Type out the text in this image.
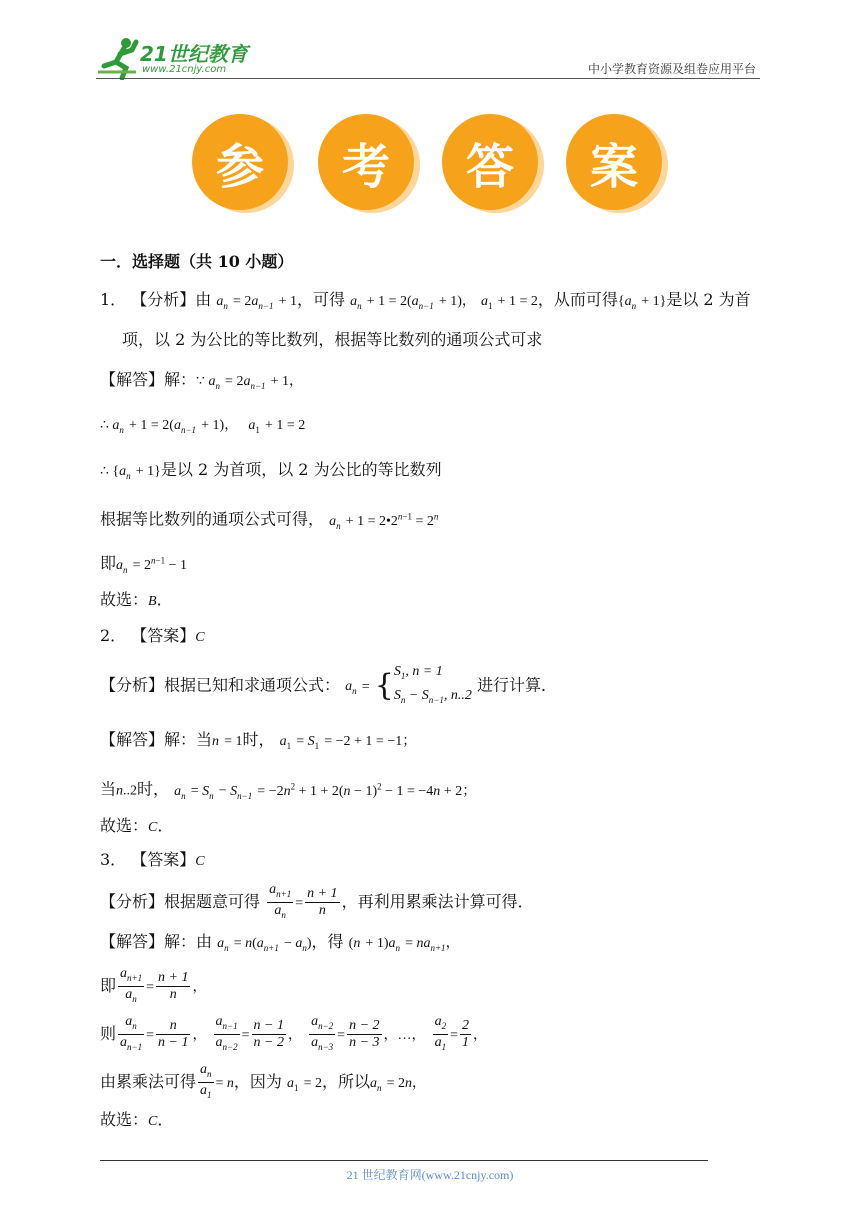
21世纪教育
www.21cnjy.com	中小学教育资源及组卷应用平台
参	考	答	案
一．选择题（共 10 小题）
1． 【分析】由 $a_n = 2a_{n-1} + 1$，可得 $a_n + 1 = 2(a_{n-1} + 1)$， $a_1 + 1 = 2$，从而可得$\{a_n + 1\}$是以 2 为首
项，以 2 为公比的等比数列，根据等比数列的通项公式可求
【解答】解：∵ $a_n = 2a_{n-1} + 1$，
∴ $a_n + 1 = 2(a_{n-1} + 1)$， $a_1 + 1 = 2$
∴ $\{a_n + 1\}$是以 2 为首项，以 2 为公比的等比数列
根据等比数列的通项公式可得， $a_n + 1$ = $2•2^{n-1} = 2^n$
即$a_n = 2^{n-1} - 1$
故选：B．
2． 【答案】C
【分析】根据已知和求通项公式： $a_n$ = { $S_1$, n = 1
$S_n - S_{n-1}$, n..2
进行计算．
【解答】解：当n = 1时， $a_1 = S_1 = -2 + 1 = -1$；
当n..2时， $a_n = S_n - S_{n-1} = -2n^2 + 1 + 2(n - 1)^2 - 1 = -4n + 2$；
故选：C．
3． 【答案】C
【分析】根据题意可得 $\frac{a_{n+1}}{a_n} = \frac{n + 1}{n}$ ，再利用累乘法计算可得．
【解答】解：由 $a_n = n(a_{n+1} - a_n)$，得 $(n + 1)a_n = na_{n+1}$，
即 $\frac{a_{n+1}}{a_n} = \frac{n + 1}{n}$ ，
则 $\frac{a_n}{a_{n-1}} = \frac{n}{n - 1}$ ， $\frac{a_{n-1}}{a_{n-2}} = \frac{n - 1}{n - 2}$ ， $\frac{a_{n-2}}{a_{n-3}} = \frac{n - 2}{n - 3}$ ，…， $\frac{a_2}{a_1} = \frac{2}{1}$ ，
由累乘法可得 $\frac{a_n}{a_1} = n$，因为 $a_1 = 2$，所以$a_n = 2n$，
故选：C．
21 世纪教育网(www.21cnjy.com)
